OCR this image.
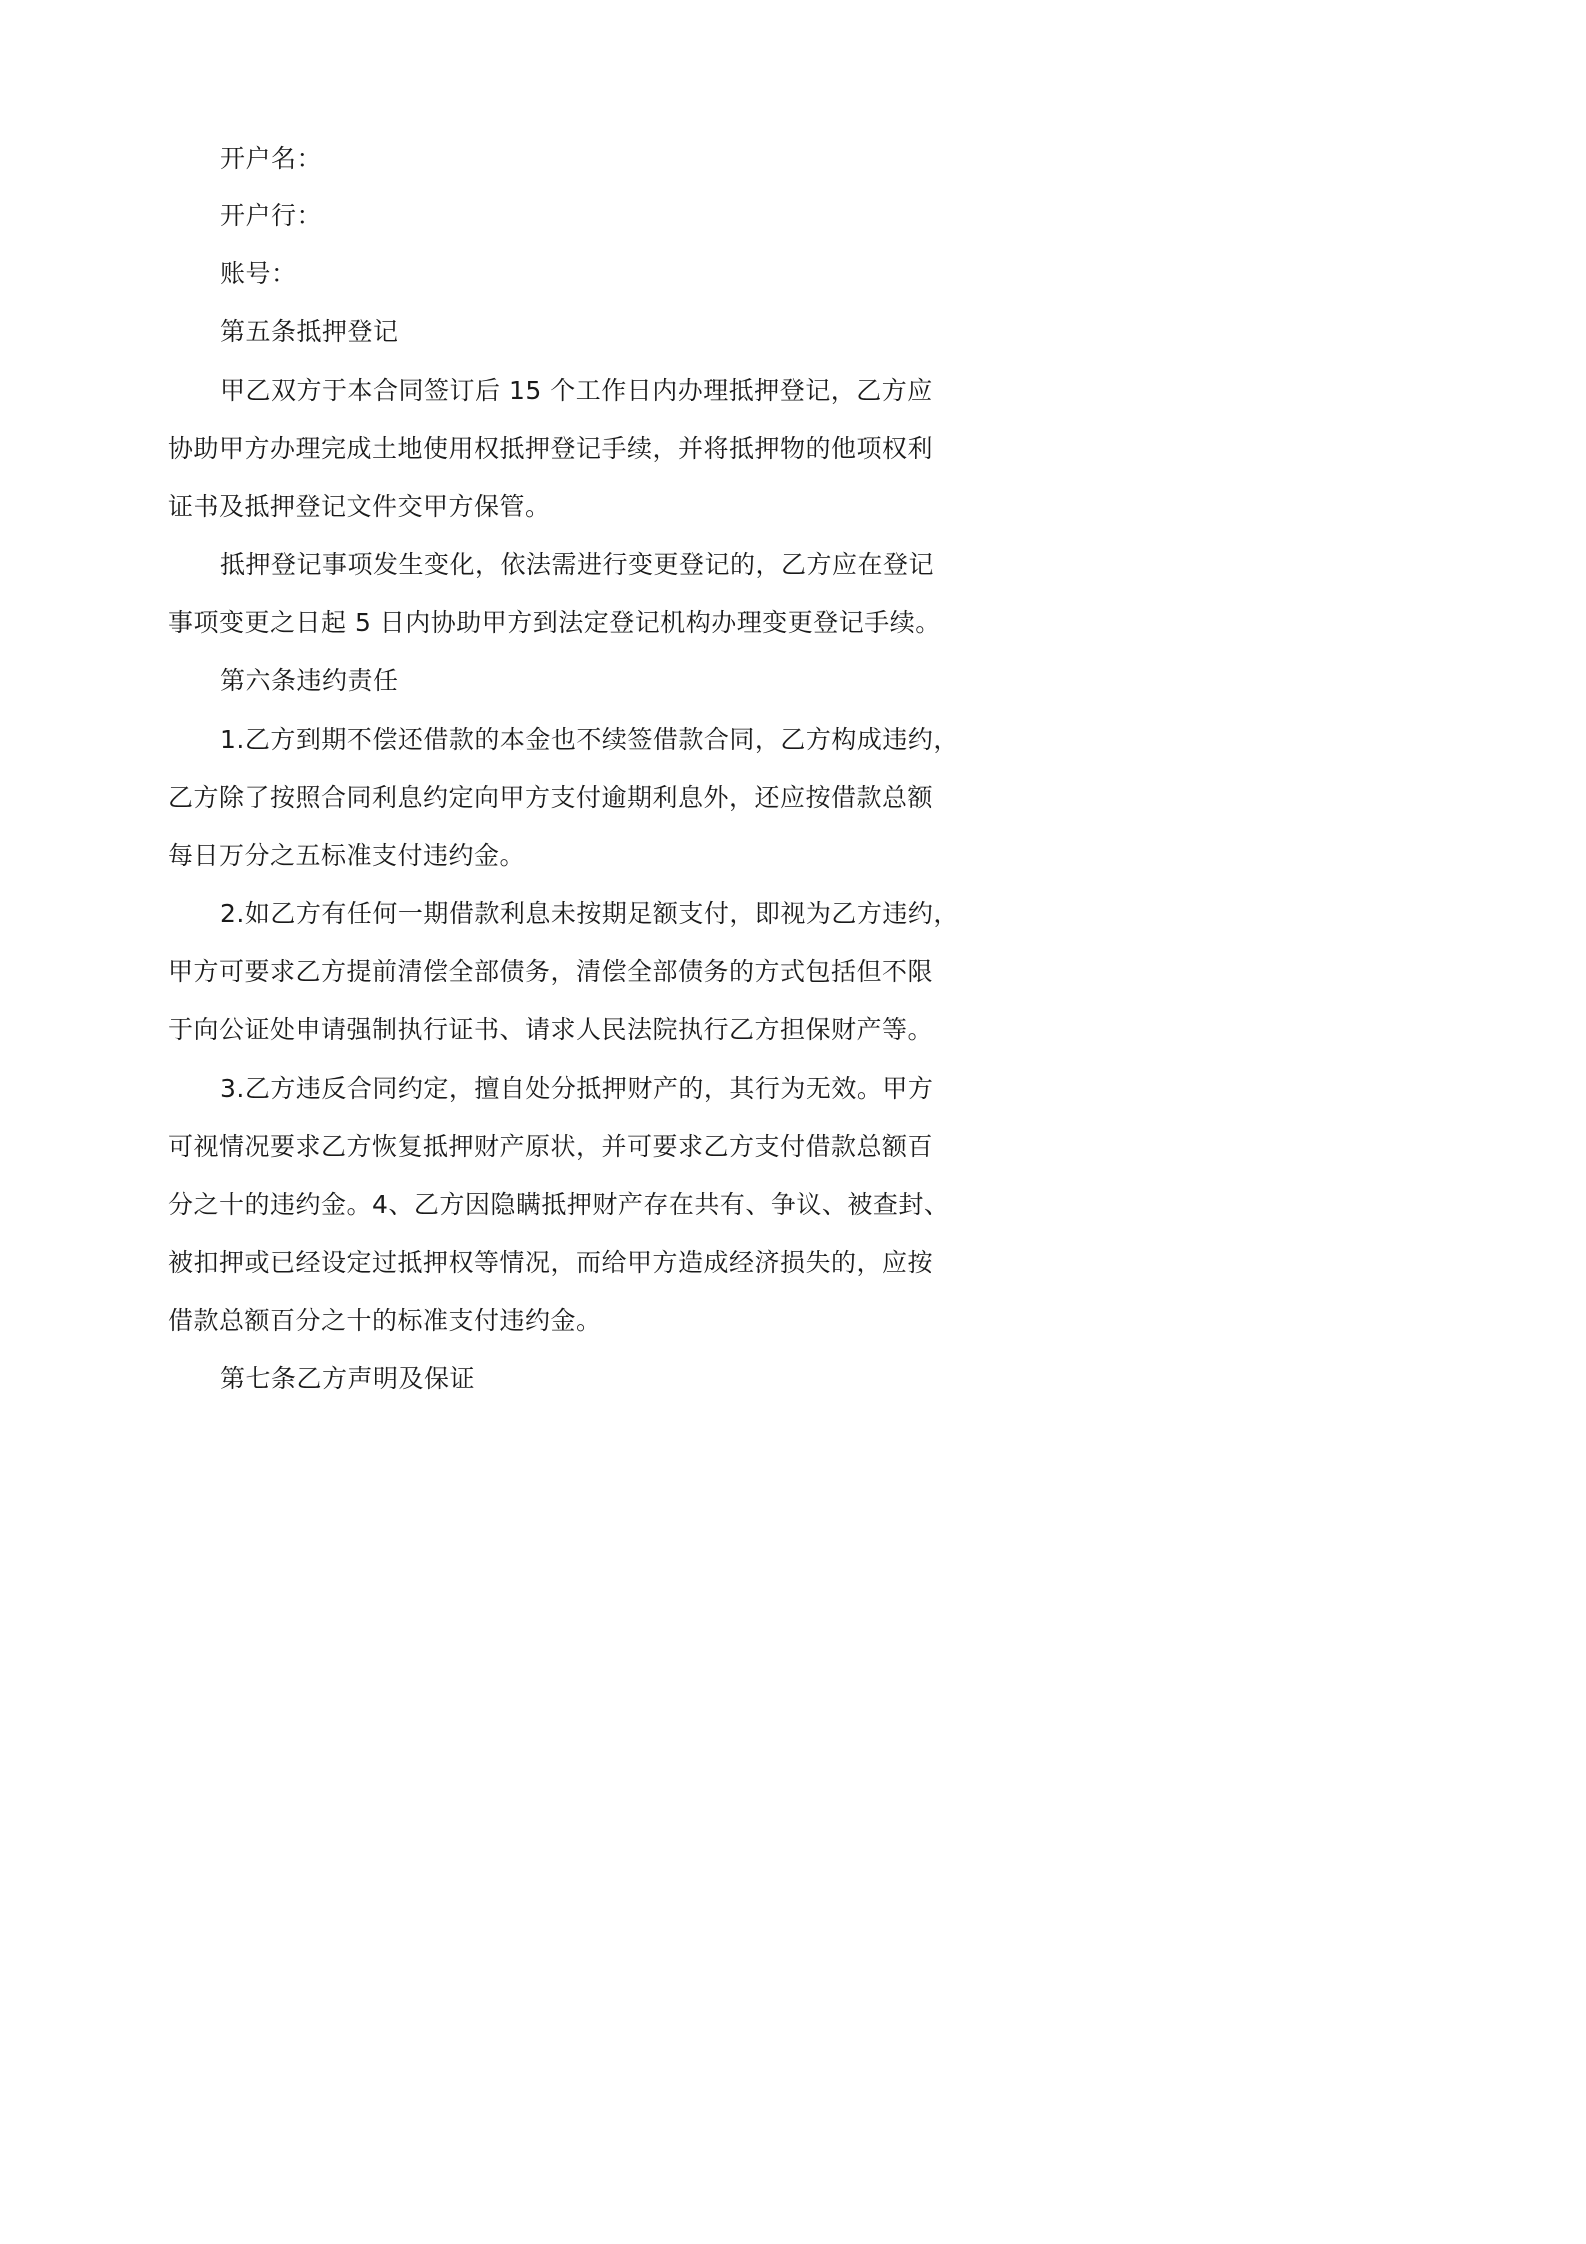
开户名：
开户行：
账号：
第五条抵押登记
甲乙双方于本合同签订后 15 个工作日内办理抵押登记，乙方应
协助甲方办理完成土地使用权抵押登记手续，并将抵押物的他项权利
证书及抵押登记文件交甲方保管。
抵押登记事项发生变化，依法需进行变更登记的，乙方应在登记
事项变更之日起 5 日内协助甲方到法定登记机构办理变更登记手续。
第六条违约责任
1.乙方到期不偿还借款的本金也不续签借款合同，乙方构成违约，
乙方除了按照合同利息约定向甲方支付逾期利息外，还应按借款总额
每日万分之五标准支付违约金。
2.如乙方有任何一期借款利息未按期足额支付，即视为乙方违约，
甲方可要求乙方提前清偿全部债务，清偿全部债务的方式包括但不限
于向公证处申请强制执行证书、请求人民法院执行乙方担保财产等。
3.乙方违反合同约定，擅自处分抵押财产的，其行为无效。甲方
可视情况要求乙方恢复抵押财产原状，并可要求乙方支付借款总额百
分之十的违约金。4、乙方因隐瞒抵押财产存在共有、争议、被查封、
被扣押或已经设定过抵押权等情况，而给甲方造成经济损失的，应按
借款总额百分之十的标准支付违约金。
第七条乙方声明及保证
